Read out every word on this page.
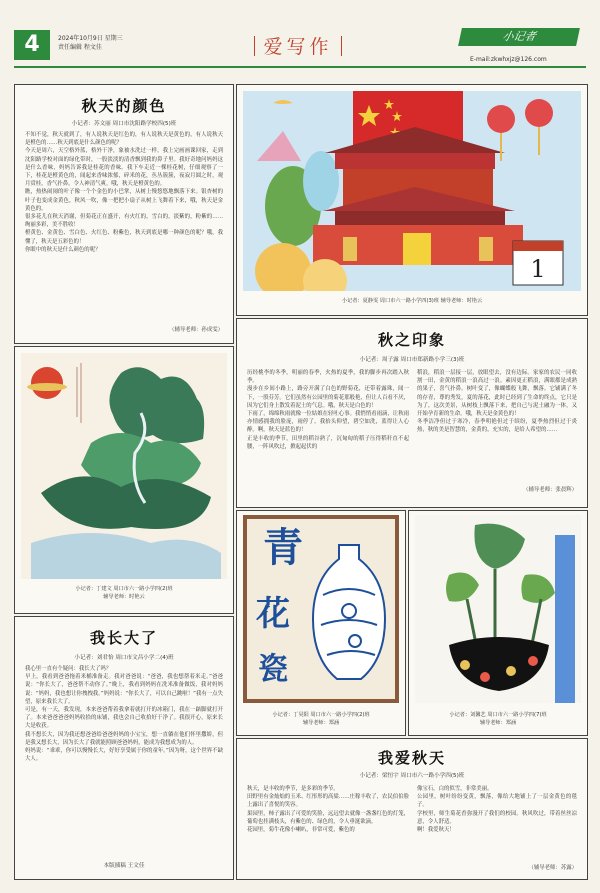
4	2024年10月9日 星期三
责任编辑 程文佳	爱写作	小记者
E-mail:zkwhxjz@126.com
秋天的颜色
小记者：苏文丽 周口市沈阳路学校四(5)班
不知不觉，秋天就到了，有人说秋天是红色的，有人说秋天是黄色的，有人说秋天是橙色的……秋天到底是什么颜色的呢？
今天是周六，天空格外蓝，格外干净，象被水洗过一样。我上完画画课回家，走到沈阳路学校对面的绿化带时，一股淡淡的清香飘到我的鼻子里。我好奇地问妈妈这是什么香味，妈妈告诉我是桂花的香味。我下车走近一棵桂花树，仔细观察了一下，桂花是橙黄色的，闻起来香味浓郁，碎米的花，丛丛簇簇，夜寂月圆之时，观月赏桂，香气扑鼻，令人神清气爽。哦，秋天是橙黄色的。
瞧，热热闹闹的叶子像一个个金色的小巴掌，从树上慢悠悠地飘落下来。银杏树的叶子也变成金黄色，秋风一吹，像一把把小扇子从树上飞舞着下来，哦，秋天是金黄色的。
很多花儿在秋天消谢，但菊花正在盛开，有火红的，雪白的，淡紫的，粉紫的……绚丽多彩，美不胜收！
橙黄色、金黄色、雪白色、火红色、粉紫色，秋天到底是哪一种颜色的呢？哦，我懂了，秋天是五彩色的！
你眼中的秋天是什么颜色的呢？
（辅导老师：孙成雯）
1
小记者：夏静雯 周口市六一路小学四(3)班 辅导老师：时艳云
小记者：丁建文 周口市六一路小学四(2)班
辅导老师：时艳云
秋之印象
小记者：周子露 周口市郑新路小学三(3)班
历经桃李的冬季，明丽的春季，火热的夏季，我的脚步再次踏入秋季。
漫步在乡间小路上，路旁开满了白色的野菊花，还带着露珠，闻一下，一股芬芳。它们虽然有公园里的菊花那般艳，但让人百看不厌，因为它们身上散发着泥土的气息。哦，秋天是白色的！
下雨了，绵绵秋雨就像一位姑娘在轻吐心事。我悄悄看雨滴，让秋雨亦情感拥我的脸庞，雨停了，我抬头仰望，碧空如洗，蓝得让人心醉。啊，秋天是蓝色的！
正是丰收的季节，田里的稻谷熟了，沉甸甸的稻子压得稻秆直不起腰，一阵风吹过，掀起起伏的
稻浪，稻浪一层接一层，放眼望去，没有边际。家家的农民一同收割一田，金黄的稻浪一浪高过一浪。素因更正稻浪，满眼都是成熟的果子，喜气扑鼻。树叶变了，像蝴蝶般飞舞，飘落。它铺满了冬的存青，尊的秀发，夏的落花，此时已经到了生命的终点，它只是为了，这次美景，从树枝上飘落下来，把自己与泥土融为一体，又开始孕育新的生命。哦，秋天是金黄色的！
冬季洁净但过于寒冷，春季明艳但过于缤纷，夏季热烈但过于炎热，秋的美是智慧的，金黄的，充实的，是给人希望的……
（辅导老师：张晨辉）
我长大了
小记者：刘君怡 周口市文昌小学二(4)班
我心里一直有个疑问：我长大了吗？
早上，我看到爸爸拖着米桶准备走。我对爸爸说：“爸爸，我也想帮着米走。”爸爸说：“你长大了，爸爸帮不动你了。”晚上，我看到妈妈在洗米准备做饭，我对妈妈说：“妈妈，我也想让你拽拽我。”妈妈说：“你长大了，可以自己跳啦！”我有一点失望，原来我长大了。
可是，有一天，我发现，本来爸爸帮着我拿着就打开的冰箱门，我在一踮脚就打开了。本来爸爸爸爸妈妈收拾的床铺，我也会自己收拾好干净了。我很开心，原来长大是收获。
我不想长大，因为我还想爸爸给爸爸妈妈的小宝宝，想一直躺在他们怀里撒娇，但是我又想长大，因为长大了我就能照顾爸爸妈妈，能成为我想成为的人。
妈妈说：“乖乖，你可以慢慢长大，好好享受属于你的童年。”因为呀，这个世界不缺大人。
本版插稿 王文佳
青
花
瓷
小记者：丁昊阳 周口市六一路小学四(2)班
辅导老师：郑涵
小记者：刘馨艺 周口市六一路小学四(7)班
辅导老师：郑涵
我爱秋天
小记者：梁恒宇 周口市六一路小学四(5)班
秋天，是丰收的季节，是多彩的季节。
田野里有金灿灿的玉米、红彤彤的高粱……庄稼丰收了，农民伯伯脸上露出了喜悦的笑容。
果园里，柿子露出了可爱的笑脸，远远望去就像一盏盏红色的灯笼，葡萄也挂满枝头，有紫色的、绿色的，令人垂涎欲滴。
花园里，菊牛花像小喇叭，非常可爱，紫色的
像宝石，白的似雪，非常美丽。
公园里，树叶纷纷变黄，飘落，像给大地铺上了一层金黄色的毯子。
学校里，师生菊花香弥漫开了我们的校园。秋风吹过，带着丝丝凉意，令人舒适。
啊！我爱秋天！
（辅导老师：苏露）
